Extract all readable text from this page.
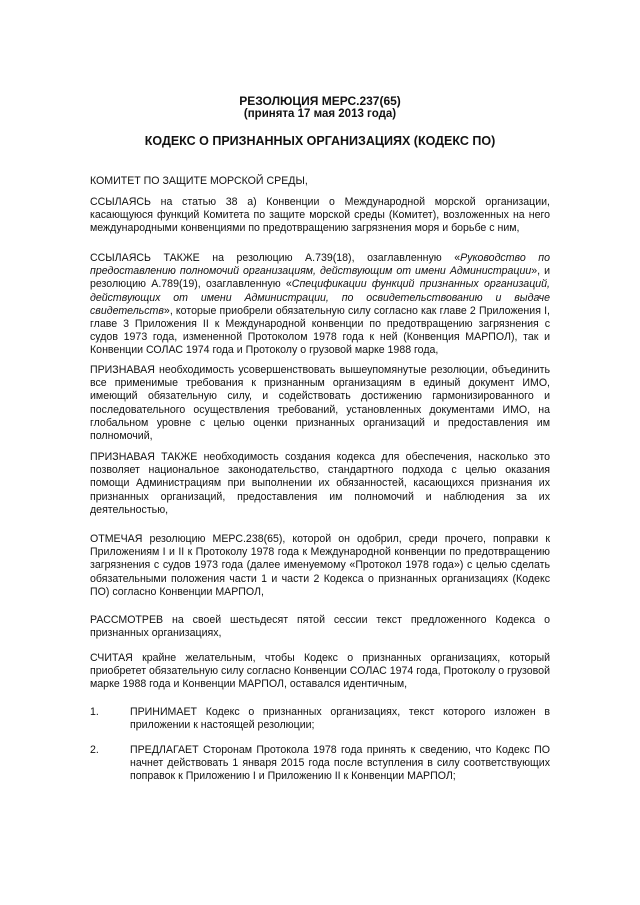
РЕЗОЛЮЦИЯ МЕРС.237(65)
(принята 17 мая 2013 года)
КОДЕКС О ПРИЗНАННЫХ ОРГАНИЗАЦИЯХ (КОДЕКС ПО)
КОМИТЕТ ПО ЗАЩИТЕ МОРСКОЙ СРЕДЫ,
ССЫЛАЯСЬ на статью 38 а) Конвенции о Международной морской организации, касающуюся функций Комитета по защите морской среды (Комитет), возложенных на него международными конвенциями по предотвращению загрязнения моря и борьбе с ним,
ССЫЛАЯСЬ ТАКЖЕ на резолюцию А.739(18), озаглавленную «Руководство по предоставлению полномочий организациям, действующим от имени Администрации», и резолюцию А.789(19), озаглавленную «Спецификации функций признанных организаций, действующих от имени Администрации, по освидетельствованию и выдаче свидетельств», которые приобрели обязательную силу согласно как главе 2 Приложения I, главе 3 Приложения II к Международной конвенции по предотвращению загрязнения с судов 1973 года, измененной Протоколом 1978 года к ней (Конвенция МАРПОЛ), так и Конвенции СОЛАС 1974 года и Протоколу о грузовой марке 1988 года,
ПРИЗНАВАЯ необходимость усовершенствовать вышеупомянутые резолюции, объединить все применимые требования к признанным организациям в единый документ ИМО, имеющий обязательную силу, и содействовать достижению гармонизированного и последовательного осуществления требований, установленных документами ИМО, на глобальном уровне с целью оценки признанных организаций и предоставления им полномочий,
ПРИЗНАВАЯ ТАКЖЕ необходимость создания кодекса для обеспечения, насколько это позволяет национальное законодательство, стандартного подхода с целью оказания помощи Администрациям при выполнении их обязанностей, касающихся признания их признанных организаций, предоставления им полномочий и наблюдения за их деятельностью,
ОТМЕЧАЯ резолюцию МЕРС.238(65), которой он одобрил, среди прочего, поправки к Приложениям I и II к Протоколу 1978 года к Международной конвенции по предотвращению загрязнения с судов 1973 года (далее именуемому «Протокол 1978 года») с целью сделать обязательными положения части 1 и части 2 Кодекса о признанных организациях (Кодекс ПО) согласно Конвенции МАРПОЛ,
РАССМОТРЕВ на своей шестьдесят пятой сессии текст предложенного Кодекса о признанных организациях,
СЧИТАЯ крайне желательным, чтобы Кодекс о признанных организациях, который приобретет обязательную силу согласно Конвенции СОЛАС 1974 года, Протоколу о грузовой марке 1988 года и Конвенции МАРПОЛ, оставался идентичным,
1.	ПРИНИМАЕТ Кодекс о признанных организациях, текст которого изложен в приложении к настоящей резолюции;
2.	ПРЕДЛАГАЕТ Сторонам Протокола 1978 года принять к сведению, что Кодекс ПО начнет действовать 1 января 2015 года после вступления в силу соответствующих поправок к Приложению I и Приложению II к Конвенции МАРПОЛ;
